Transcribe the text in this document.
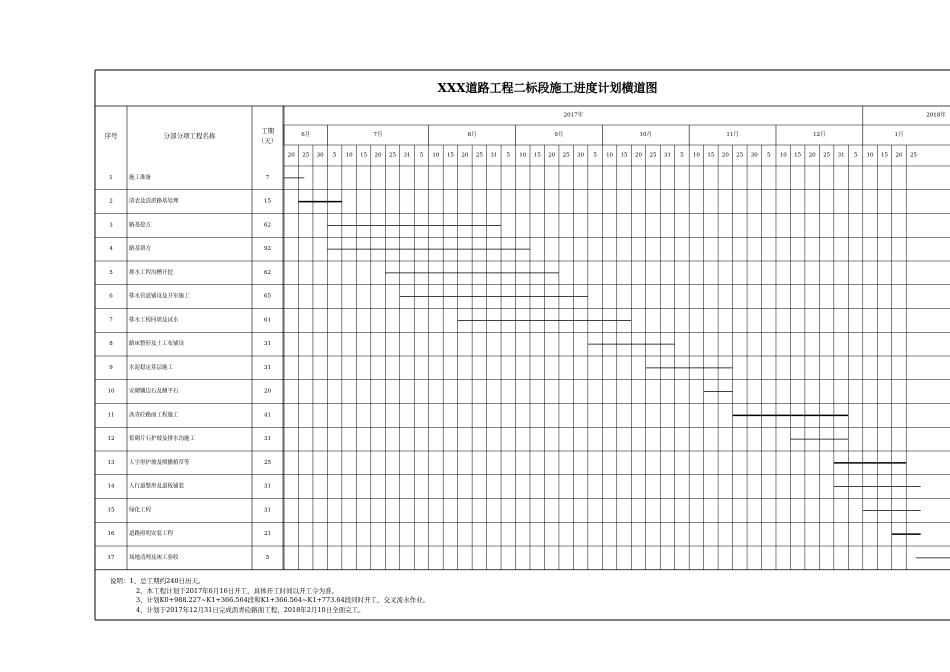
XXX道路工程二标段施工进度计划横道图
序号	分部分项工程名称
工期
（天）
2017年	2018年
6月	7月	8月	9月	10月	11月	12月	1月
20 25 30 5 10 15 20 25 31 5 10 15 20 25 31 5 10 15 20 25 30 5 10 15 20 25 31 5 10 15 20 25 30 5 10 15 20 25 31 5 10 15 20 25
1	施工准备	7
2	清表及清淤路基处理	15
3	路基挖方	62
4	路基填方	92
5	排水工程沟槽开挖	62
6	排水管道铺设及井室施工	65
7	排水工程回填及试水	61
8	路床整形及土工布铺设	31
9	水泥稳定基层施工	31
10	安砌镶边石及侧平石	20
11	沥青砼路面工程施工	41
12	浆砌片石护坡及排水沟施工	31
13	人字形护坡及喷播植草等	25
14	人行道整形及道板铺装	31
15	绿化工程	31
16	道路照明安装工程	21
17	场地清理及竣工验收	5
说明：1、总工期约240日历天。
2、本工程计划于2017年6月16日开工，具体开工时间以开工令为准。
3、计划K0+988.227~K1+366.564段和K1+366.564~K1+773.64段同时开工，交叉流水作业。
4、计划于2017年12月31日完成沥青砼路面工程，2018年2月10日全面完工。
